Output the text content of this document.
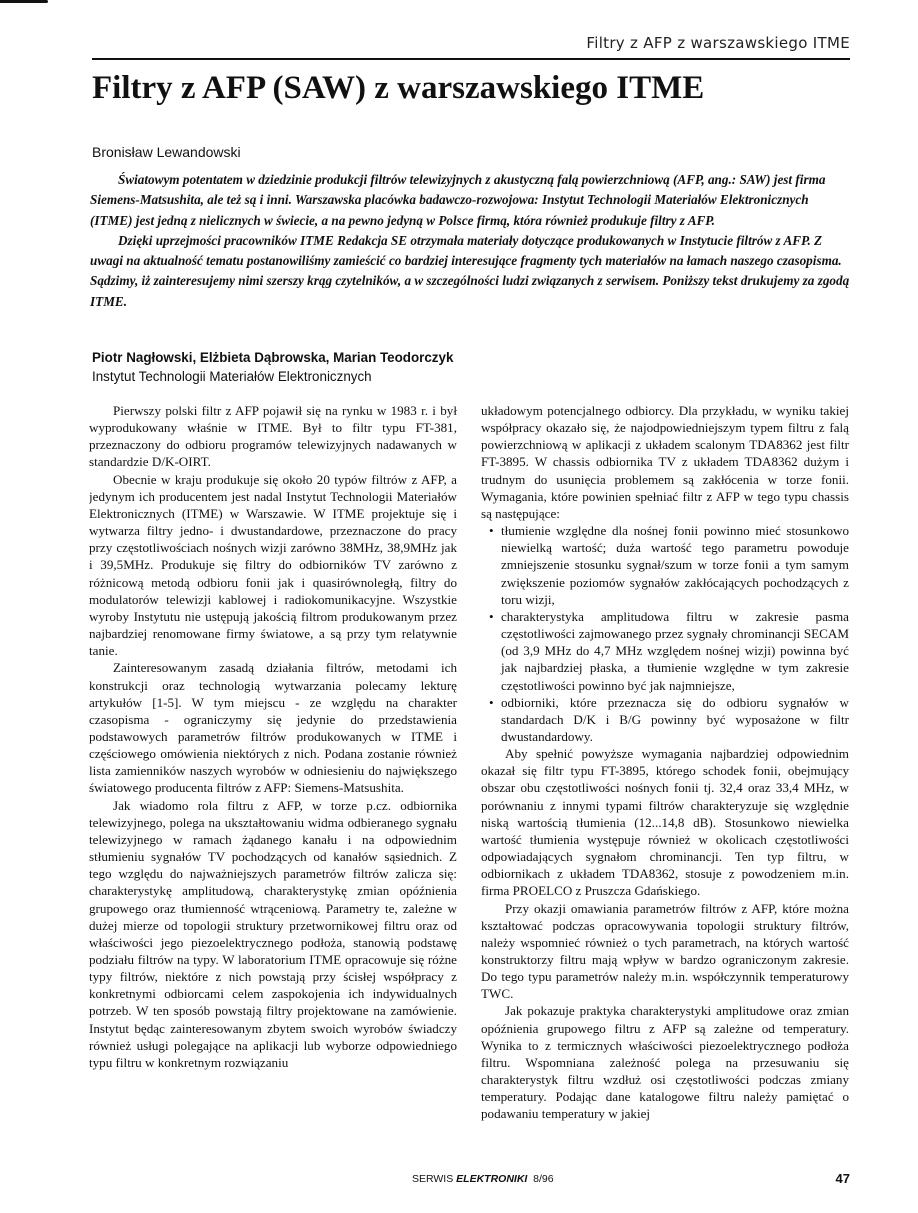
Filtry z AFP z warszawskiego ITME
Filtry z AFP (SAW) z warszawskiego ITME
Bronisław Lewandowski

Światowym potentatem w dziedzinie produkcji filtrów telewizyjnych z akustyczną falą powierzchniową (AFP, ang.: SAW) jest firma Siemens-Matsushita, ale też są i inni. Warszawska placówka badawczo-rozwojowa: Instytut Technologii Materiałów Elektronicznych (ITME) jest jedną z nielicznych w świecie, a na pewno jedyną w Polsce firmą, która również produkuje filtry z AFP.

Dzięki uprzejmości pracowników ITME Redakcja SE otrzymała materiały dotyczące produkowanych w Instytucie filtrów z AFP. Z uwagi na aktualność tematu postanowiliśmy zamieścić co bardziej interesujące fragmenty tych materiałów na łamach naszego czasopisma. Sądzimy, iż zainteresujemy nimi szerszy krąg czytelników, a w szczególności ludzi związanych z serwisem. Poniższy tekst drukujemy za zgodą ITME.

Piotr Nagłowski, Elżbieta Dąbrowska, Marian Teodorczyk
Instytut Technologii Materiałów Elektronicznych

Pierwszy polski filtr z AFP pojawił się na rynku w 1983 r. i był wyprodukowany właśnie w ITME. Był to filtr typu FT-381, przeznaczony do odbioru programów telewizyjnych nadawanych w standardzie D/K-OIRT.

Obecnie w kraju produkuje się około 20 typów filtrów z AFP, a jedynym ich producentem jest nadal Instytut Technologii Materiałów Elektronicznych (ITME) w Warszawie. W ITME projektuje się i wytwarza filtry jedno- i dwustandardowe, przeznaczone do pracy przy częstotliwościach nośnych wizji zarówno 38MHz, 38,9MHz jak i 39,5MHz. Produkuje się filtry do odbiorników TV zarówno z różnicową metodą odbioru fonii jak i quasirównoległą, filtry do modulatorów telewizji kablowej i radiokomunikacyjne. Wszystkie wyroby Instytutu nie ustępują jakością filtrom produkowanym przez najbardziej renomowane firmy światowe, a są przy tym relatywnie tanie.

Zainteresowanym zasadą działania filtrów, metodami ich konstrukcji oraz technologią wytwarzania polecamy lekturę artykułów [1-5]. W tym miejscu - ze względu na charakter czasopisma - ograniczymy się jedynie do przedstawienia podstawowych parametrów filtrów produkowanych w ITME i częściowego omówienia niektórych z nich. Podana zostanie również lista zamienników naszych wyrobów w odniesieniu do największego światowego producenta filtrów z AFP: Siemens-Matsushita.

Jak wiadomo rola filtru z AFP, w torze p.cz. odbiornika telewizyjnego, polega na ukształtowaniu widma odbieranego sygnału telewizyjnego w ramach żądanego kanału i na odpowiednim stłumieniu sygnałów TV pochodzących od kanałów sąsiednich. Z tego względu do najważniejszych parametrów filtrów zalicza się: charakterystykę amplitudową, charakterystykę zmian opóźnienia grupowego oraz tłumienność wtrąceniową. Parametry te, zależne w dużej mierze od topologii struktury przetwornikowej filtru oraz od właściwości jego piezoelektrycznego podłoża, stanowią podstawę podziału filtrów na typy. W laboratorium ITME opracowuje się różne typy filtrów, niektóre z nich powstają przy ścisłej współpracy z konkretnymi odbiorcami celem zaspokojenia ich indywidualnych potrzeb. W ten sposób powstają filtry projektowane na zamówienie. Instytut będąc zainteresowanym zbytem swoich wyrobów świadczy również usługi polegające na aplikacji lub wyborze odpowiedniego typu filtru w konkretnym rozwiązaniu

układowym potencjalnego odbiorcy. Dla przykładu, w wyniku takiej współpracy okazało się, że najodpowiedniejszym typem filtru z falą powierzchniową w aplikacji z układem scalonym TDA8362 jest filtr FT-3895. W chassis odbiornika TV z układem TDA8362 dużym i trudnym do usunięcia problemem są zakłócenia w torze fonii. Wymagania, które powinien spełniać filtr z AFP w tego typu chassis są następujące:

• tłumienie względne dla nośnej fonii powinno mieć stosunkowo niewielką wartość; duża wartość tego parametru powoduje zmniejszenie stosunku sygnał/szum w torze fonii a tym samym zwiększenie poziomów sygnałów zakłócających pochodzących z toru wizji,
• charakterystyka amplitudowa filtru w zakresie pasma częstotliwości zajmowanego przez sygnały chrominancji SECAM (od 3,9 MHz do 4,7 MHz względem nośnej wizji) powinna być jak najbardziej płaska, a tłumienie względne w tym zakresie częstotliwości powinno być jak najmniejsze,
• odbiorniki, które przeznacza się do odbioru sygnałów w standardach D/K i B/G powinny być wyposażone w filtr dwustandardowy.

Aby spełnić powyższe wymagania najbardziej odpowiednim okazał się filtr typu FT-3895, którego schodek fonii, obejmujący obszar obu częstotliwości nośnych fonii tj. 32,4 oraz 33,4 MHz, w porównaniu z innymi typami filtrów charakteryzuje się względnie niską wartością tłumienia (12...14,8 dB). Stosunkowo niewielka wartość tłumienia występuje również w okolicach częstotliwości odpowiadających sygnałom chrominancji. Ten typ filtru, w odbiornikach z układem TDA8362, stosuje z powodzeniem m.in. firma PROELCO z Pruszcza Gdańskiego.

Przy okazji omawiania parametrów filtrów z AFP, które można kształtować podczas opracowywania topologii struktury filtrów, należy wspomnieć również o tych parametrach, na których wartość konstruktorzy filtru mają wpływ w bardzo ograniczonym zakresie. Do tego typu parametrów należy m.in. współczynnik temperaturowy TWC.

Jak pokazuje praktyka charakterystyki amplitudowe oraz zmian opóźnienia grupowego filtru z AFP są zależne od temperatury. Wynika to z termicznych właściwości piezoelektrycznego podłoża filtru. Wspomniana zależność polega na przesuwaniu się charakterystyk filtru wzdłuż osi częstotliwości podczas zmiany temperatury. Podając dane katalogowe filtru należy pamiętać o podawaniu temperatury w jakiej

SERWIS ELEKTRONIKI 8/96	47
